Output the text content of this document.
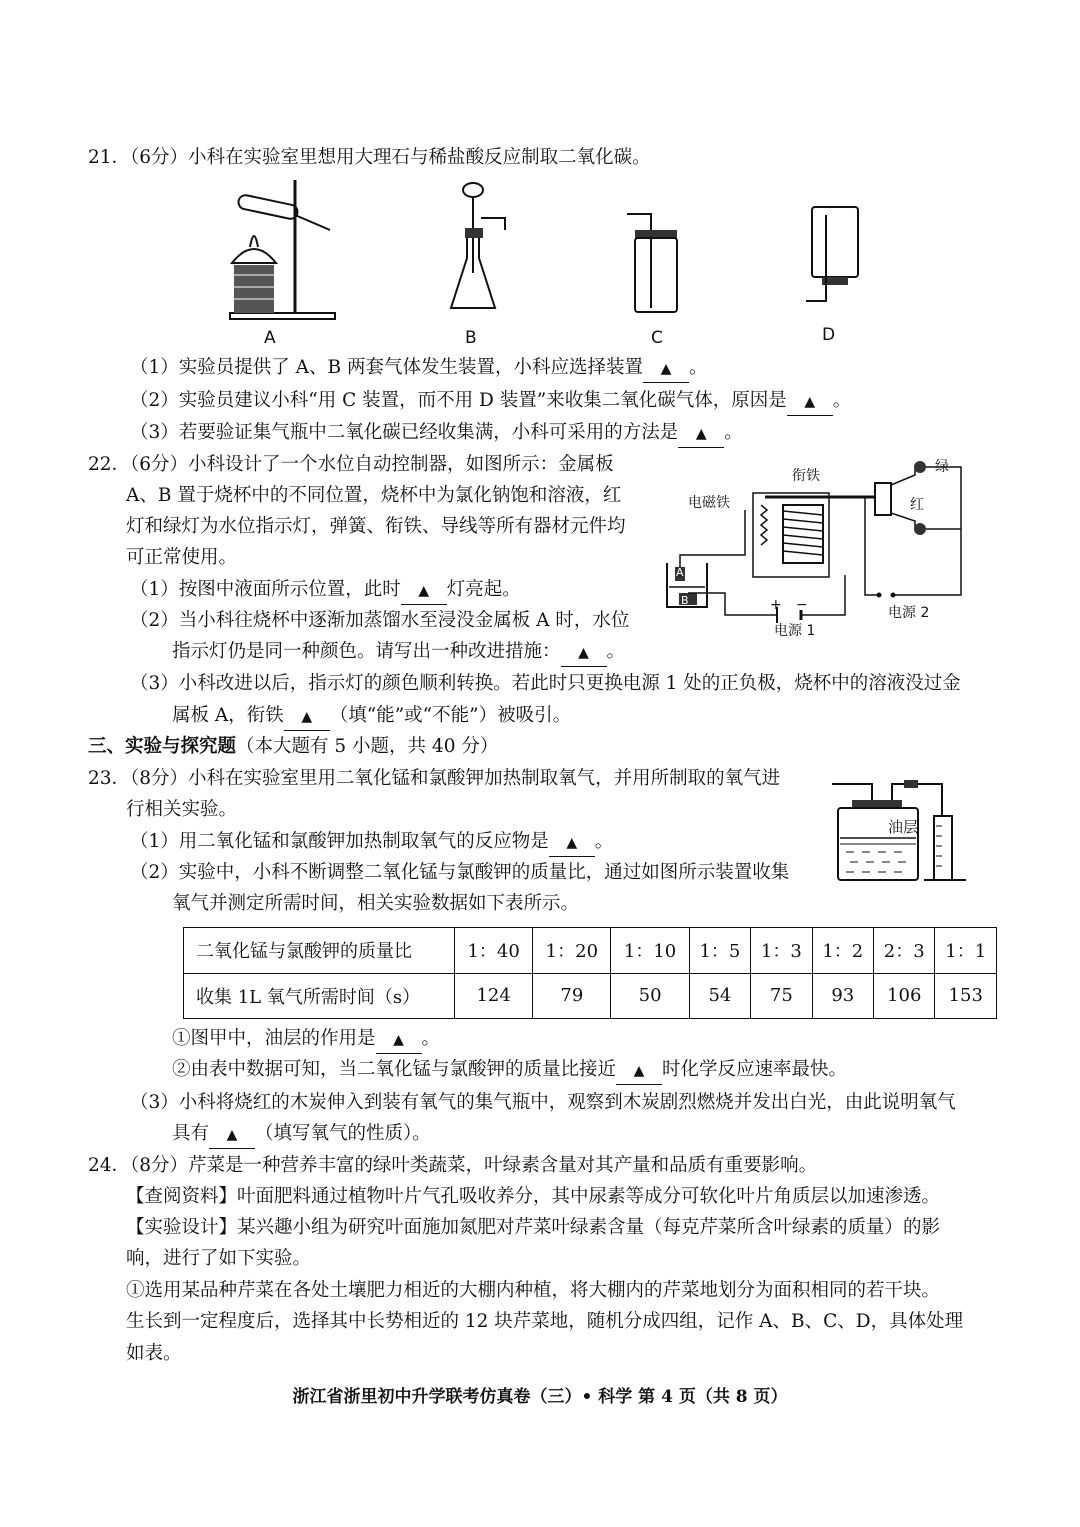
21．（6分）小科在实验室里想用大理石与稀盐酸反应制取二氧化碳。
A	B	C	D
（1）实验员提供了 A、B 两套气体发生装置，小科应选择装置 ▲ 。
（2）实验员建议小科“用 C 装置，而不用 D 装置”来收集二氧化碳气体，原因是 ▲ 。
（3）若要验证集气瓶中二氧化碳已经收集满，小科可采用的方法是 ▲ 。
22．（6分）小科设计了一个水位自动控制器，如图所示：金属板
A、B 置于烧杯中的不同位置，烧杯中为氯化钠饱和溶液，红
灯和绿灯为水位指示灯，弹簧、衔铁、导线等所有器材元件均
可正常使用。
（1）按图中液面所示位置，此时 ▲ 灯亮起。
（2）当小科往烧杯中逐渐加蒸馏水至浸没金属板 A 时，水位
指示灯仍是同一种颜色。请写出一种改进措施： ▲ 。
衔铁
绿
红
电磁铁
A
B	+ −
电源 1
电源 2
（3）小科改进以后，指示灯的颜色顺利转换。若此时只更换电源 1 处的正负极，烧杯中的溶液没过金
属板 A，衔铁 ▲ （填“能”或“不能”）被吸引。
三、实验与探究题（本大题有 5 小题，共 40 分）
23．（8分）小科在实验室里用二氧化锰和氯酸钾加热制取氧气，并用所制取的氧气进
行相关实验。
（1）用二氧化锰和氯酸钾加热制取氧气的反应物是 ▲ 。
（2）实验中，小科不断调整二氧化锰与氯酸钾的质量比，通过如图所示装置收集
氧气并测定所需时间，相关实验数据如下表所示。
油层
二氧化锰与氯酸钾的质量比	1：40	1：20	1：10	1：5	1：3	1：2	2：3	1：1
收集 1L 氧气所需时间（s）	124	79	50	54	75	93	106	153
①图甲中，油层的作用是 ▲ 。
②由表中数据可知，当二氧化锰与氯酸钾的质量比接近 ▲ 时化学反应速率最快。
（3）小科将烧红的木炭伸入到装有氧气的集气瓶中，观察到木炭剧烈燃烧并发出白光，由此说明氧气
具有 ▲ （填写氧气的性质）。
24．（8分）芹菜是一种营养丰富的绿叶类蔬菜，叶绿素含量对其产量和品质有重要影响。
【查阅资料】叶面肥料通过植物叶片气孔吸收养分，其中尿素等成分可软化叶片角质层以加速渗透。
【实验设计】某兴趣小组为研究叶面施加氮肥对芹菜叶绿素含量（每克芹菜所含叶绿素的质量）的影
响，进行了如下实验。
①选用某品种芹菜在各处土壤肥力相近的大棚内种植，将大棚内的芹菜地划分为面积相同的若干块。
生长到一定程度后，选择其中长势相近的 12 块芹菜地，随机分成四组，记作 A、B、C、D，具体处理
如表。
浙江省浙里初中升学联考仿真卷（三）• 科学 第 4 页（共 8 页）
